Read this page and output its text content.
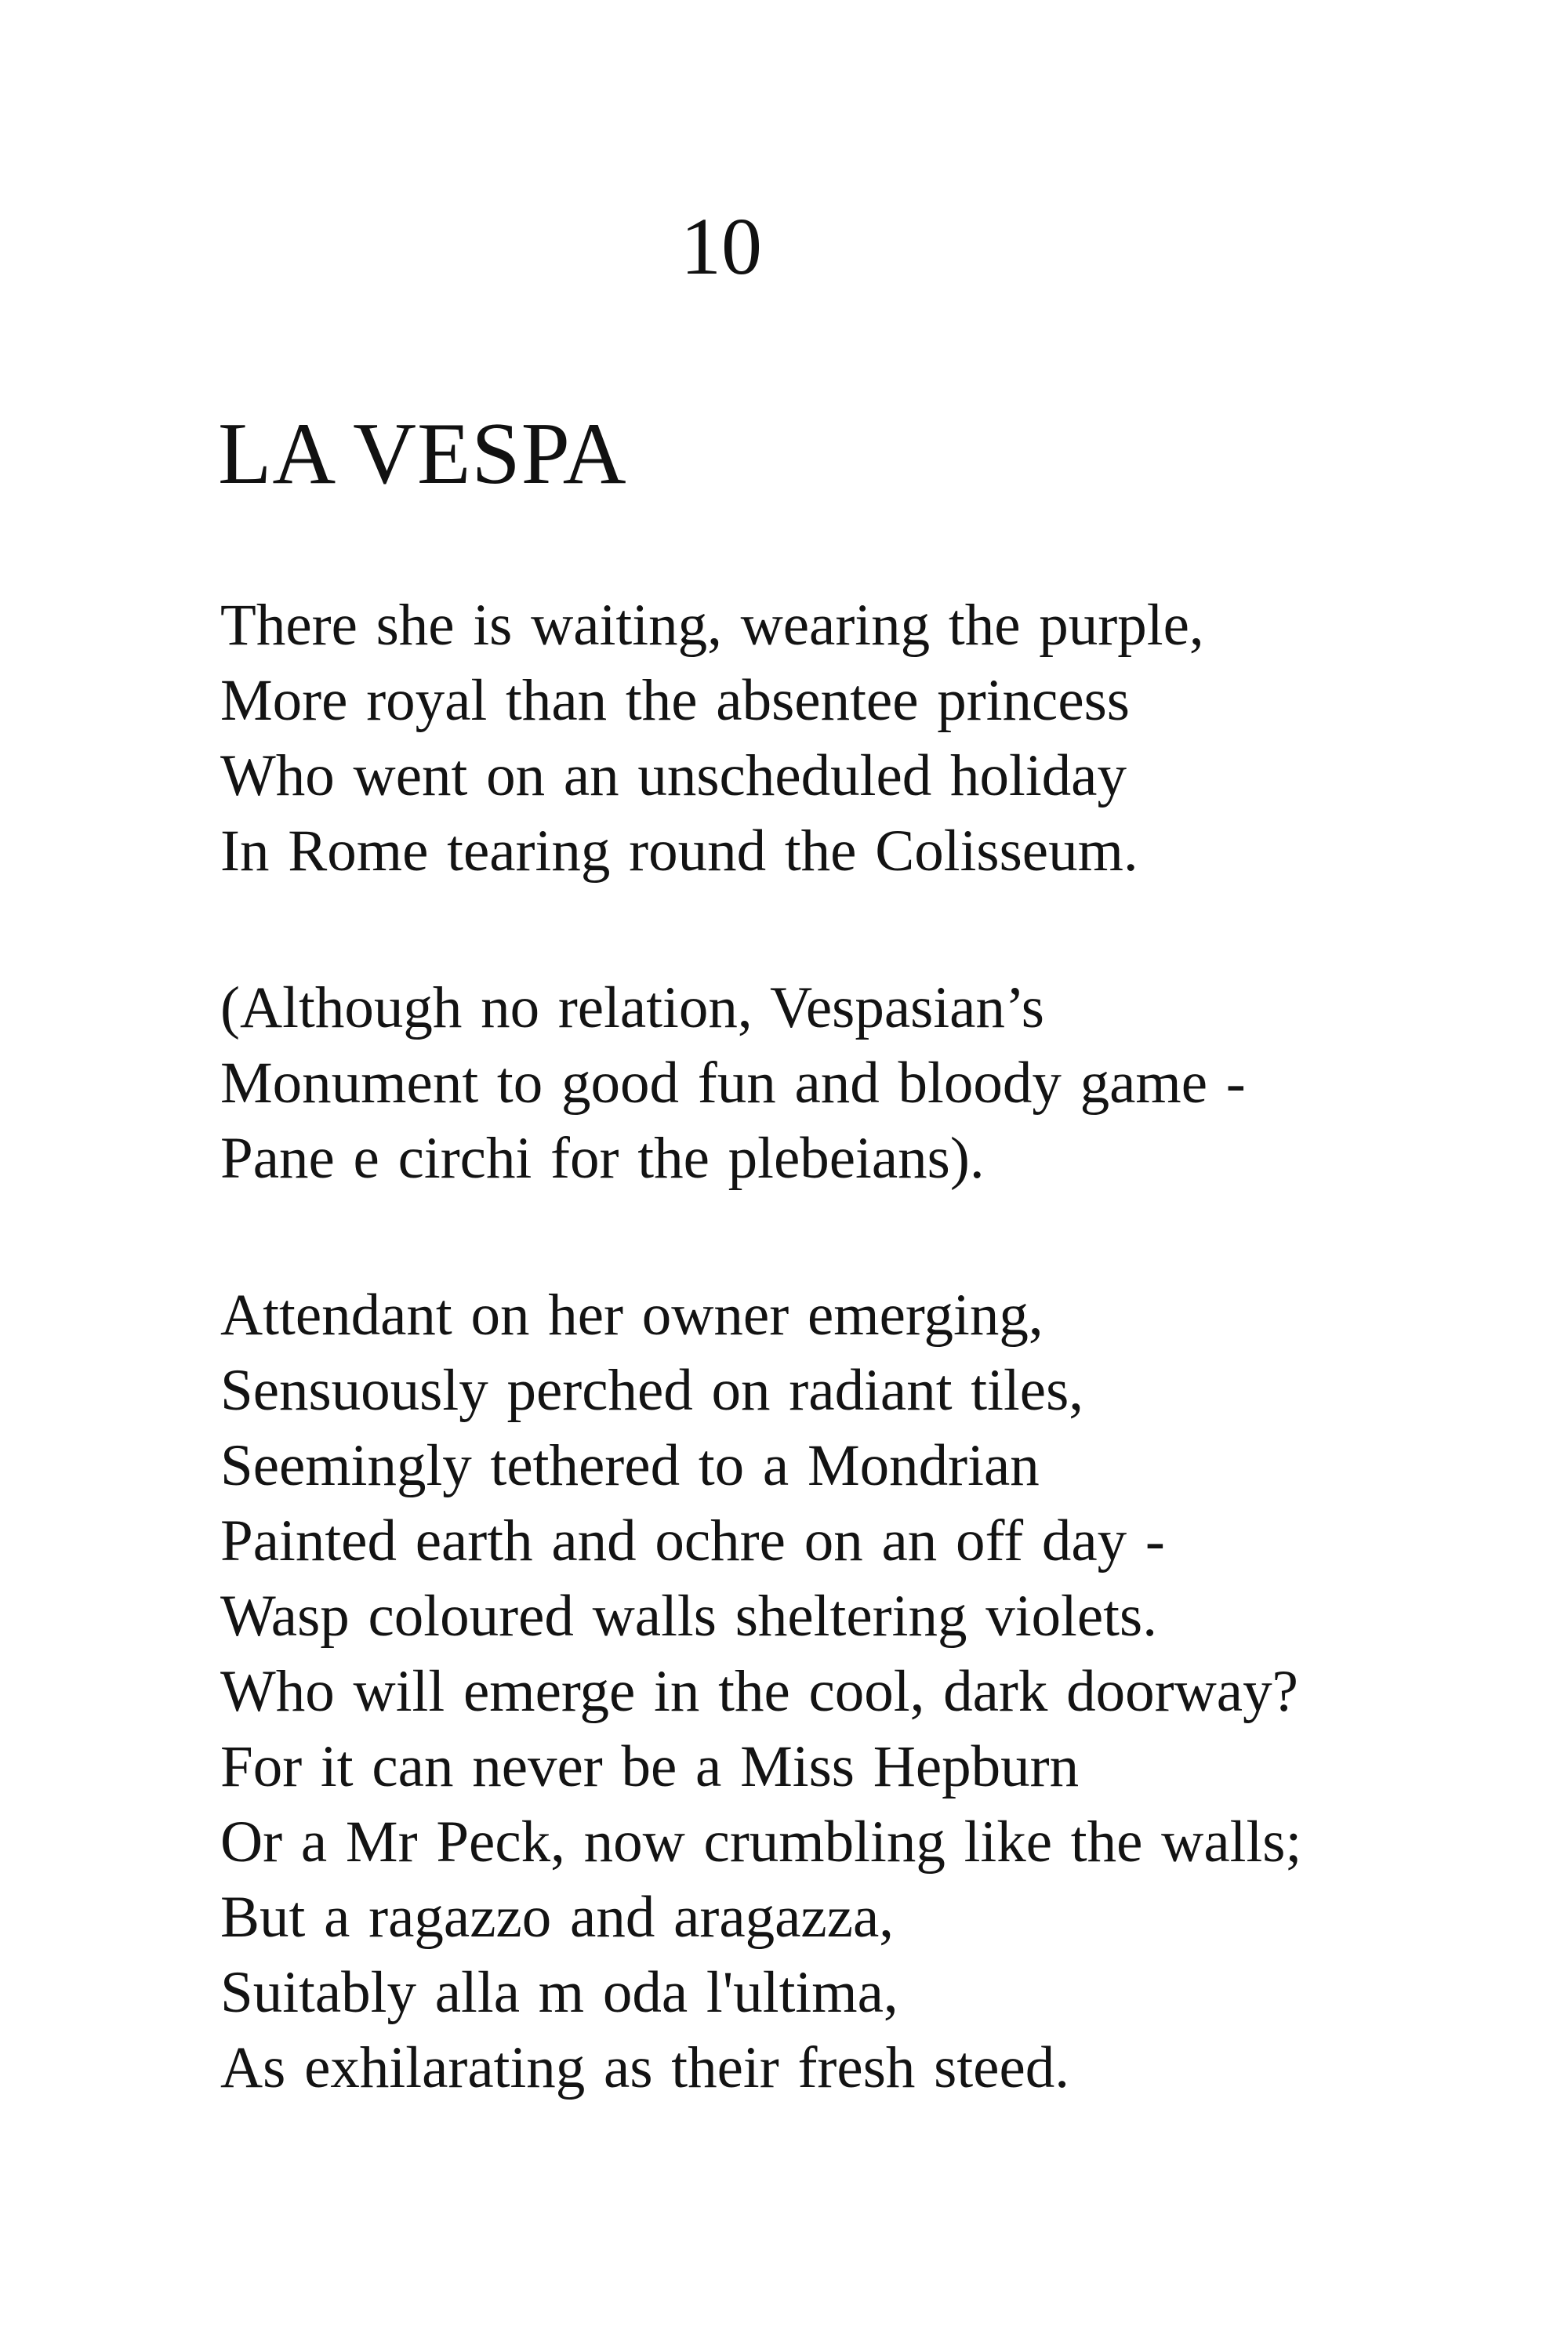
10
LA VESPA
There she is waiting, wearing the purple,
More royal than the absentee princess
Who went on an unscheduled holiday
In Rome tearing round the Colisseum.
(Although no relation, Vespasian’s
Monument to good fun and bloody game -
Pane e circhi for the plebeians).
Attendant on her owner emerging,
Sensuously perched on radiant tiles,
Seemingly tethered to a Mondrian
Painted earth and ochre on an off day -
Wasp coloured walls sheltering violets.
Who will emerge in the cool, dark doorway?
For it can never be a Miss Hepburn
Or a Mr Peck, now crumbling like the walls;
But a ragazzo and aragazza,
Suitably alla m oda l'ultima,
As exhilarating as their fresh steed.
